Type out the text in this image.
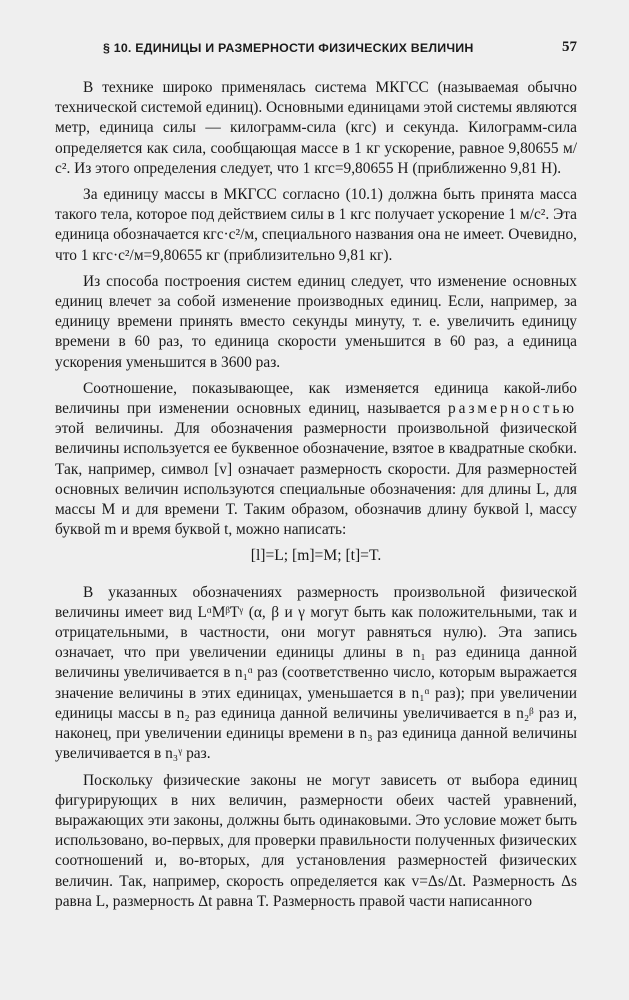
§ 10. ЕДИНИЦЫ И РАЗМЕРНОСТИ ФИЗИЧЕСКИХ ВЕЛИЧИН	57

В технике широко применялась система МКГСС (называемая обычно технической системой единиц). Основными единицами этой системы являются метр, единица силы — килограмм-сила (кгс) и секунда. Килограмм-сила определяется как сила, сообщающая массе в 1 кг ускорение, равное 9,80655 м/с². Из этого определения следует, что 1 кгс=9,80655 Н (приближенно 9,81 Н).

За единицу массы в МКГСС согласно (10.1) должна быть принята масса такого тела, которое под действием силы в 1 кгс получает ускорение 1 м/с². Эта единица обозначается кгс·с²/м, специального названия она не имеет. Очевидно, что 1 кгс·с²/м=9,80655 кг (приблизительно 9,81 кг).

Из способа построения систем единиц следует, что изменение основных единиц влечет за собой изменение производных единиц. Если, например, за единицу времени принять вместо секунды минуту, т. е. увеличить единицу времени в 60 раз, то единица скорости уменьшится в 60 раз, а единица ускорения уменьшится в 3600 раз.

Соотношение, показывающее, как изменяется единица какой-либо величины при изменении основных единиц, называется размерностью этой величины. Для обозначения размерности произвольной физической величины используется ее буквенное обозначение, взятое в квадратные скобки. Так, например, символ [v] означает размерность скорости. Для размерностей основных величин используются специальные обозначения: для длины L, для массы M и для времени T. Таким образом, обозначив длину буквой l, массу буквой m и время буквой t, можно написать:

[l]=L; [m]=M; [t]=T.

В указанных обозначениях размерность произвольной физической величины имеет вид LᵅMᵝTᵞ (α, β и γ могут быть как положительными, так и отрицательными, в частности, они могут равняться нулю). Эта запись означает, что при увеличении единицы длины в n₁ раз единица данной величины увеличивается в n₁ᵅ раз (соответственно число, которым выражается значение величины в этих единицах, уменьшается в n₁ᵅ раз); при увеличении единицы массы в n₂ раз единица данной величины увеличивается в n₂ᵝ раз и, наконец, при увеличении единицы времени в n₃ раз единица данной величины увеличивается в n₃ᵞ раз.

Поскольку физические законы не могут зависеть от выбора единиц фигурирующих в них величин, размерности обеих частей уравнений, выражающих эти законы, должны быть одинаковыми. Это условие может быть использовано, во-первых, для проверки правильности полученных физических соотношений и, во-вторых, для установления размерностей физических величин. Так, например, скорость определяется как v=Δs/Δt. Размерность Δs равна L, размерность Δt равна T. Размерность правой части написанного
